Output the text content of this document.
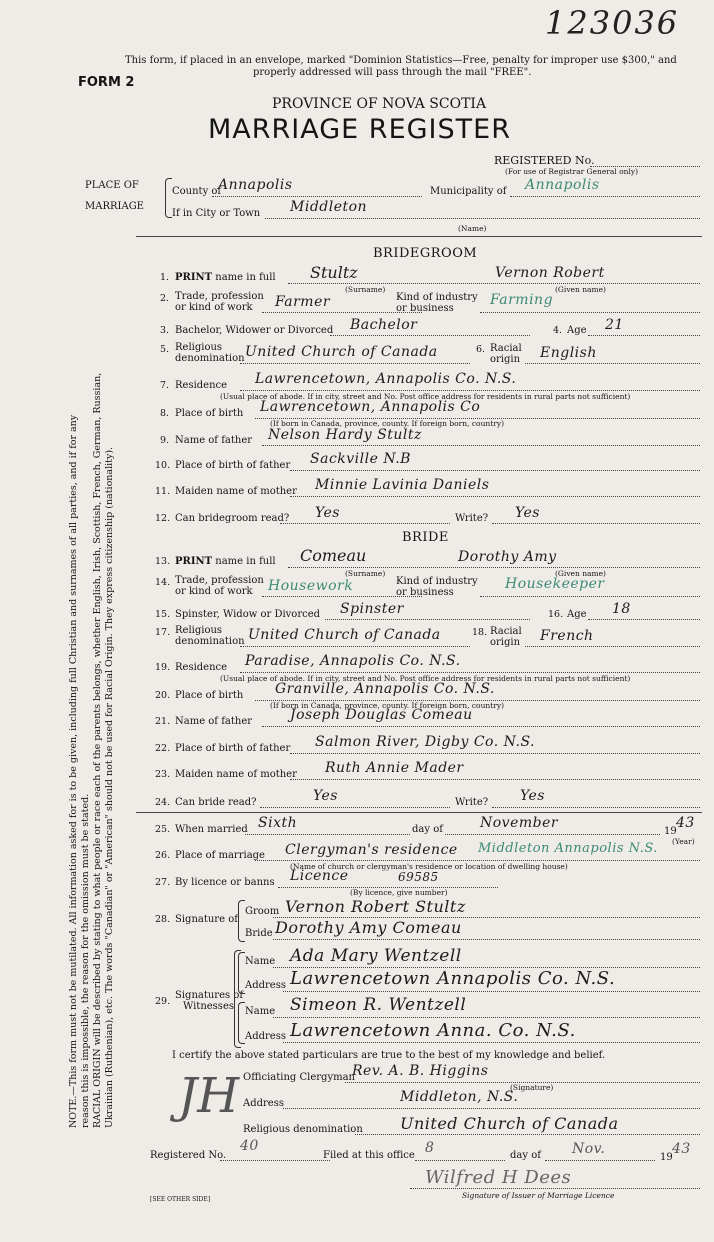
123036
This form, if placed in an envelope, marked "Dominion Statistics—Free, penalty for improper use $300," and
properly addressed will pass through the mail "FREE".
FORM 2
PROVINCE OF NOVA SCOTIA
MARRIAGE REGISTER
REGISTERED No.
(For use of Registrar General only)
PLACE OF
MARRIAGE
County of
Annapolis	Municipality of Annapolis
If in City or Town Middleton
(Name)
BRIDEGROOM
1. PRINT name in full Stultz	Vernon Robert
(Surname)	(Given name)
2. Trade, profession
or kind of work Farmer	Kind of industry
or business
Farming
3. Bachelor, Widower or Divorced Bachelor	4. Age 21
5. Religious
denomination United Church of Canada	6. Racial
origin English
7. Residence Lawrencetown, Annapolis Co. N.S.
(Usual place of abode. If in city, street and No. Post office address for residents in rural parts not sufficient)
8. Place of birth Lawrencetown, Annapolis Co
(If born in Canada, province, county. If foreign born, country)
9. Name of father Nelson Hardy Stultz
10. Place of birth of father Sackville N.B
11. Maiden name of mother Minnie Lavinia Daniels
12. Can bridegroom read? Yes	Write? Yes
BRIDE
13. PRINT name in full Comeau	Dorothy Amy
(Surname)	(Given name)
14. Trade, profession
or kind of work Housework	Kind of industry
or business
Housekeeper
15. Spinster, Widow or Divorced Spinster	16. Age 18
17. Religious
denomination United Church of Canada	18. Racial
origin French
19. Residence Paradise, Annapolis Co. N.S.
(Usual place of abode. If in city, street and No. Post office address for residents in rural parts not sufficient)
20. Place of birth Granville, Annapolis Co. N.S.
(If born in Canada, province, county. If foreign born, country)
21. Name of father	Joseph Douglas Comeau
22. Place of birth of father Salmon River, Digby Co. N.S.
23. Maiden name of mother Ruth Annie Mader
24. Can bride read?	Yes	Write? Yes
25. When married Sixth	day of	November
19
43
(Year)
26. Place of marriage Clergyman's residence Middleton Annapolis N.S.
(Name of church or clergyman's residence or location of dwelling house)
27. By licence or banns Licence	69585
(By licence, give number)
28. Signature of
Groom Vernon Robert Stultz
Bride Dorothy Amy Comeau
29.
Signatures of
Witnesses
Name Ada Mary Wentzell
Address Lawrencetown Annapolis Co. N.S.
Name Simeon R. Wentzell
Address Lawrencetown Anna. Co. N.S.
I certify the above stated particulars are true to the best of my knowledge and belief.
JH Officiating Clergyman
Rev. A. B. Higgins
(Signature)
Address	Middleton, N.S.
Religious denomination United Church of Canada
Registered No.
40
Filed at this office 8	day of Nov.
19
43
Wilfred H Dees
Signature of Issuer of Marriage Licence
[SEE OTHER SIDE]
NOTE.—This form must not be mutilated. All information asked for is to be given, including full Christian and surnames of all parties, and if for any reason this is impossible, the reason for the omission must be stated. RACIAL ORIGIN will be described by stating to what people or race each of the parents belongs, whether English, Irish, Scottish, French, German, Russian, Ukrainian (Ruthenian), etc. The words "Canadian" or "American" should not be used for Racial Origin. They express citizenship (nationality).
